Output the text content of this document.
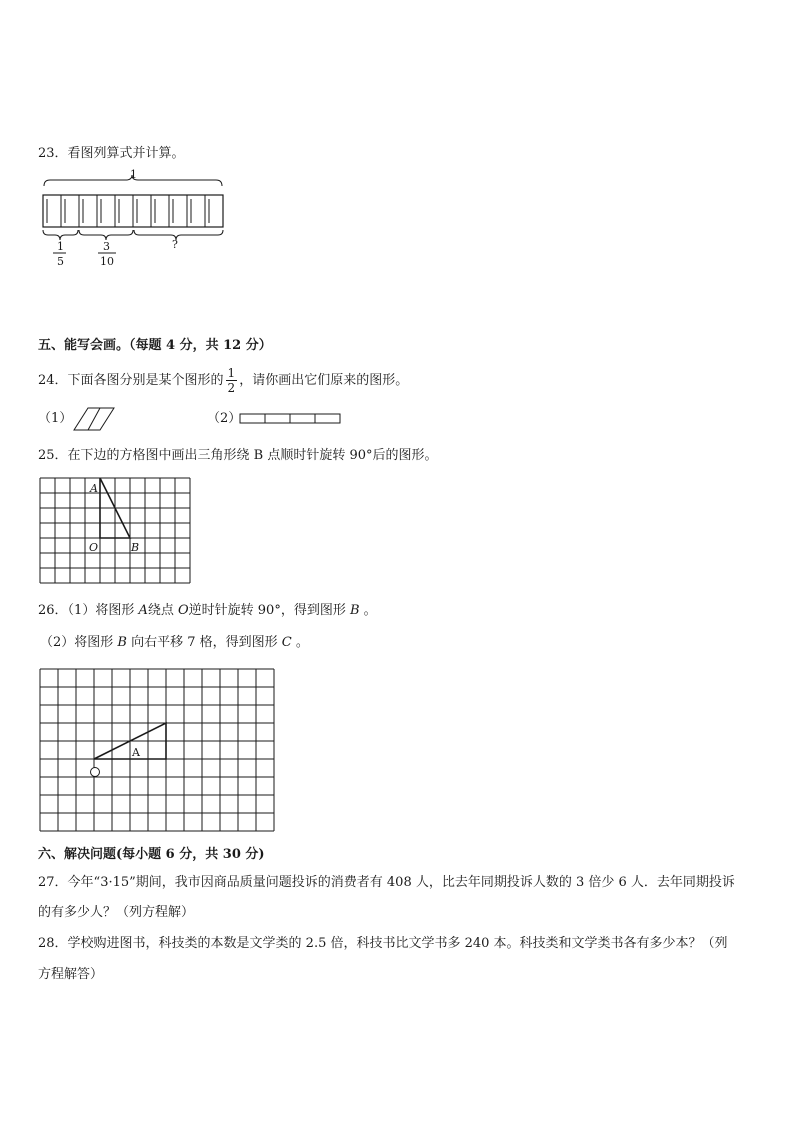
23．看图列算式并计算。
1
1
5
3
10
?
五、能写会画。（每题 4 分，共 12 分）
24．下面各图分别是某个图形的 $\frac{1}{2}$ ，请你画出它们原来的图形。
（1）	（2）
25．在下边的方格图中画出三角形绕 B 点顺时针旋转 90°后的图形。
A
O	B
26．（1）将图形 A绕点 O逆时针旋转 90°，得到图形 B 。
（2）将图形 B 向右平移 7 格，得到图形 C 。
A
六、解决问题(每小题 6 分，共 30 分)
27．今年“3·15”期间，我市因商品质量问题投诉的消费者有 408 人，比去年同期投诉人数的 3 倍少 6 人．去年同期投诉
的有多少人？（列方程解）
28．学校购进图书，科技类的本数是文学类的 2.5 倍，科技书比文学书多 240 本。科技类和文学类书各有多少本？（列
方程解答）
